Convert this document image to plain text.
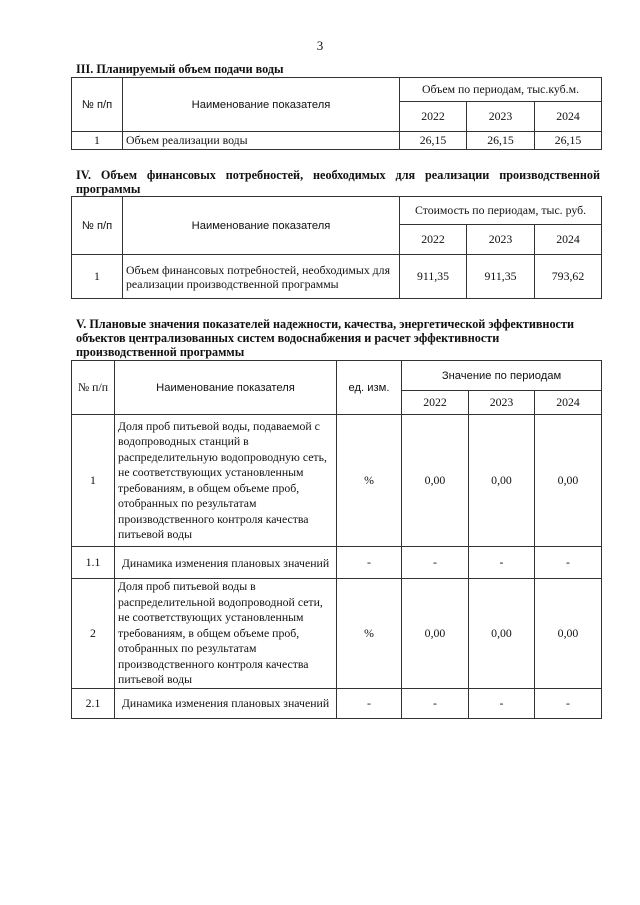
3
III. Планируемый объем подачи воды
№ п/п	Наименование показателя	Объем по периодам, тыс.куб.м.		
		2022	2023	2024
1	Объем реализации воды	26,15	26,15	26,15
IV. Объем финансовых потребностей, необходимых для реализации производственной программы
№ п/п	Наименование показателя	Стоимость по периодам, тыс. руб.		
		2022	2023	2024
1	Объем финансовых потребностей, необходимых для реализации производственной программы	911,35	911,35	793,62
V. Плановые значения показателей надежности, качества, энергетической эффективности объектов централизованных систем водоснабжения и расчет эффективности производственной программы
№ п/п	Наименование показателя	ед. изм.	Значение по периодам		
			2022	2023	2024
1	Доля проб питьевой воды, подаваемой с водопроводных станций в распределительную водопроводную сеть, не соответствующих установленным требованиям, в общем объеме проб, отобранных по результатам производственного контроля качества питьевой воды	%	0,00	0,00	0,00
1.1	Динамика изменения плановых значений	-	-	-	-
2	Доля проб питьевой воды в распределительной водопроводной сети, не соответствующих установленным требованиям, в общем объеме проб, отобранных по результатам производственного контроля качества питьевой воды	%	0,00	0,00	0,00
2.1	Динамика изменения плановых значений	-	-	-	-
